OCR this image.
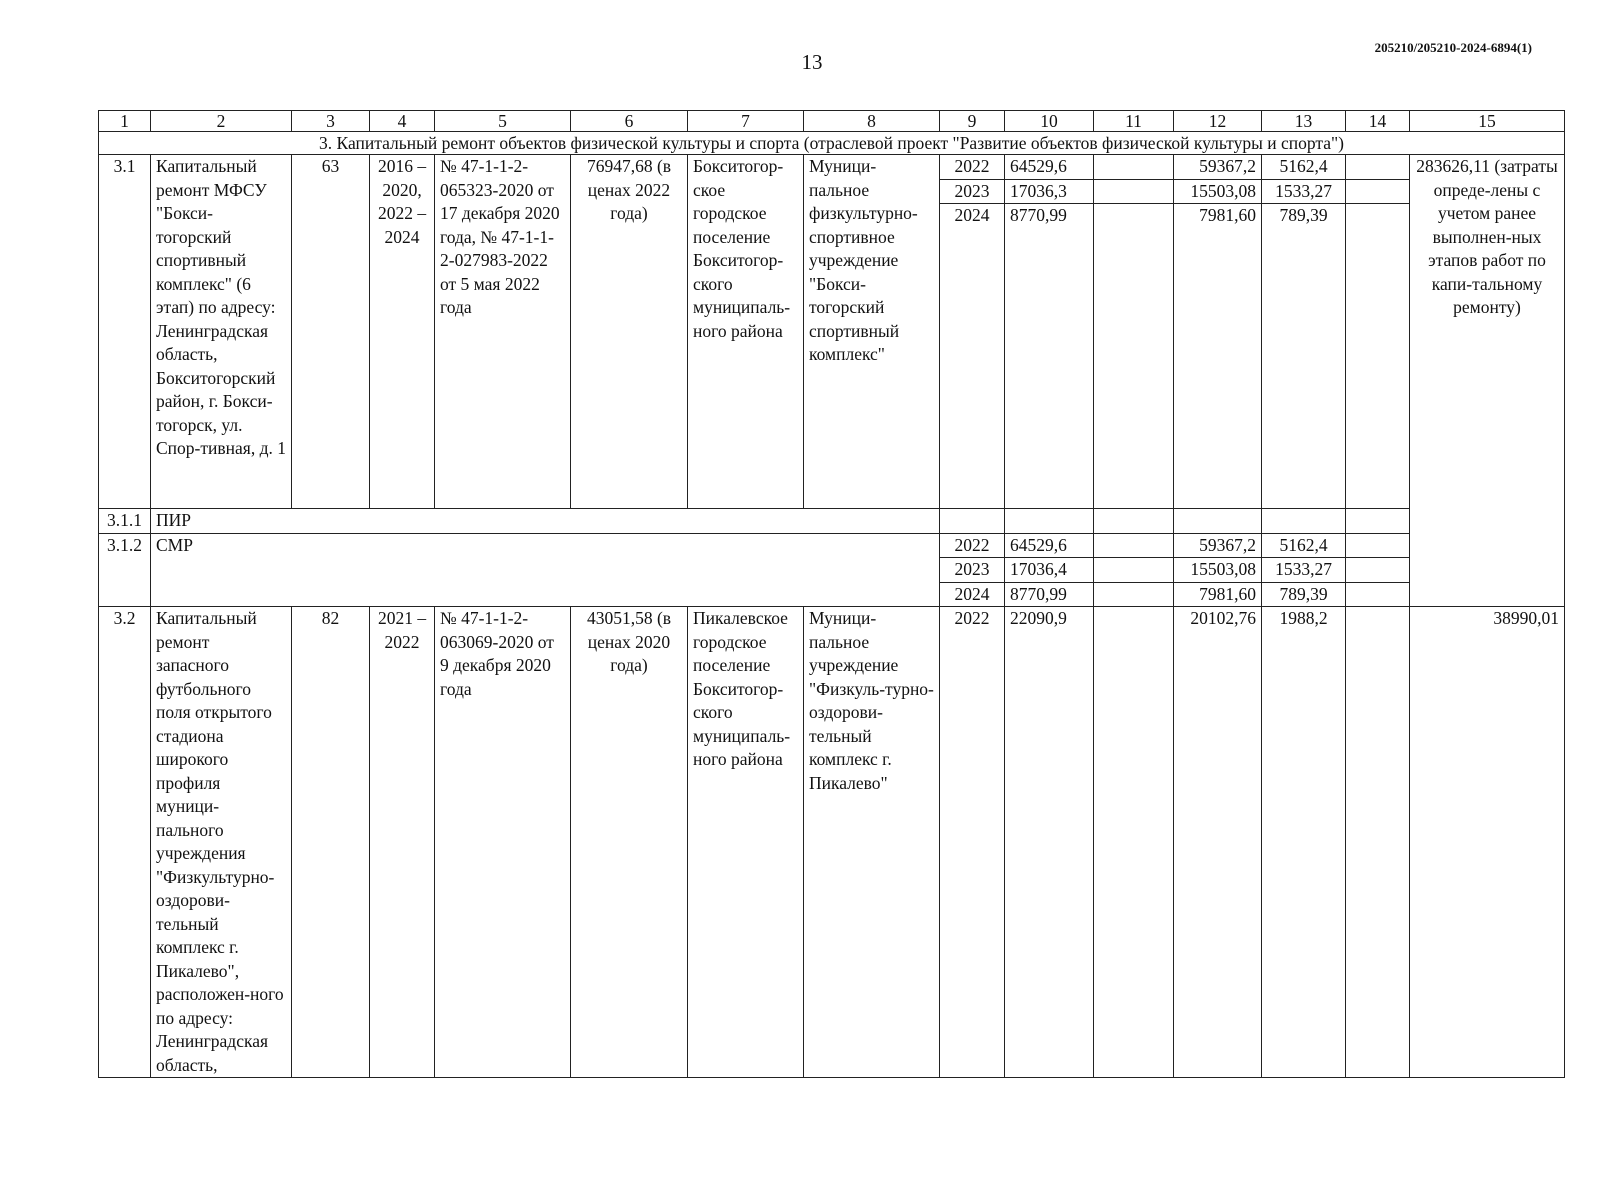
13
205210/205210-2024-6894(1)
1	2	3	4	5	6	7	8	9	10	11	12	13	14	15
3. Капитальный ремонт объектов физической культуры и спорта (отраслевой проект "Развитие объектов физической культуры и спорта")														
3.1	Капитальный ремонт МФСУ "Бокси-тогорский спортивный комплекс" (6 этап) по адресу: Ленинградская область, Бокситогорский район, г. Бокси-тогорск, ул. Спор-тивная, д. 1	63	2016 – 2020, 2022 – 2024	№ 47-1-1-2-065323-2020 от 17 декабря 2020 года, № 47-1-1-2-027983-2022 от 5 мая 2022 года	76947,68 (в ценах 2022 года)	Бокситогор-ское городское поселение Бокситогор-ского муниципаль-ного района	Муници-пальное физкультурно-спортивное учреждение "Бокси-тогорский спортивный комплекс"	2022	64529,6		59367,2	5162,4		283626,11 (затраты опреде-лены с учетом ранее выполнен-ных этапов работ по капи-тальному ремонту)
								2023	17036,3		15503,08	1533,27		
								2024	8770,99		7981,60	789,39		
3.1.1	ПИР													
3.1.2	СМР							2022	64529,6		59367,2	5162,4		
								2023	17036,4		15503,08	1533,27		
								2024	8770,99		7981,60	789,39		
3.2	Капитальный ремонт запасного футбольного поля открытого стадиона широкого профиля муници-пального учреждения "Физкультурно-оздорови-тельный комплекс г. Пикалево", расположен-ного по адресу: Ленинградская область,	82	2021 – 2022	№ 47-1-1-2-063069-2020 от 9 декабря 2020 года	43051,58 (в ценах 2020 года)	Пикалевское городское поселение Бокситогор-ского муниципаль-ного района	Муници-пальное учреждение "Физкуль-турно-оздорови-тельный комплекс г. Пикалево"	2022	22090,9		20102,76	1988,2		38990,01
